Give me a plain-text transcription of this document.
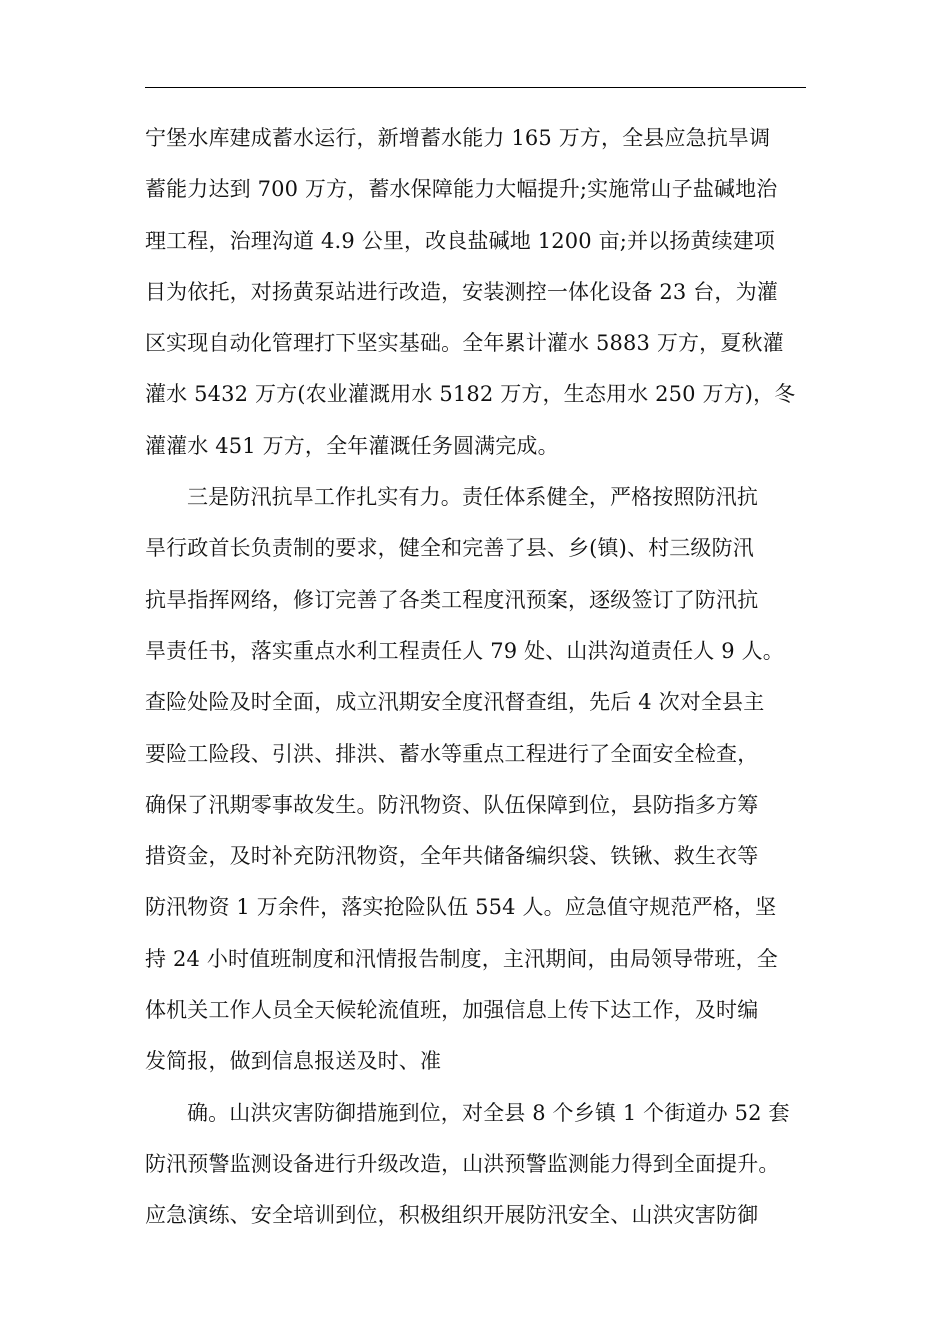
宁堡水库建成蓄水运行，新增蓄水能力 165 万方，全县应急抗旱调
蓄能力达到 700 万方，蓄水保障能力大幅提升;实施常山子盐碱地治
理工程，治理沟道 4.9 公里，改良盐碱地 1200 亩;并以扬黄续建项
目为依托，对扬黄泵站进行改造，安装测控一体化设备 23 台，为灌
区实现自动化管理打下坚实基础。全年累计灌水 5883 万方，夏秋灌
灌水 5432 万方(农业灌溉用水 5182 万方，生态用水 250 万方)，冬
灌灌水 451 万方，全年灌溉任务圆满完成。
三是防汛抗旱工作扎实有力。责任体系健全，严格按照防汛抗
旱行政首长负责制的要求，健全和完善了县、乡(镇)、村三级防汛
抗旱指挥网络，修订完善了各类工程度汛预案，逐级签订了防汛抗
旱责任书，落实重点水利工程责任人 79 处、山洪沟道责任人 9 人。
查险处险及时全面，成立汛期安全度汛督查组，先后 4 次对全县主
要险工险段、引洪、排洪、蓄水等重点工程进行了全面安全检查，
确保了汛期零事故发生。防汛物资、队伍保障到位，县防指多方筹
措资金，及时补充防汛物资，全年共储备编织袋、铁锹、救生衣等
防汛物资 1 万余件，落实抢险队伍 554 人。应急值守规范严格，坚
持 24 小时值班制度和汛情报告制度，主汛期间，由局领导带班，全
体机关工作人员全天候轮流值班，加强信息上传下达工作，及时编
发简报，做到信息报送及时、准
确。山洪灾害防御措施到位，对全县 8 个乡镇 1 个街道办 52 套
防汛预警监测设备进行升级改造，山洪预警监测能力得到全面提升。
应急演练、安全培训到位，积极组织开展防汛安全、山洪灾害防御
